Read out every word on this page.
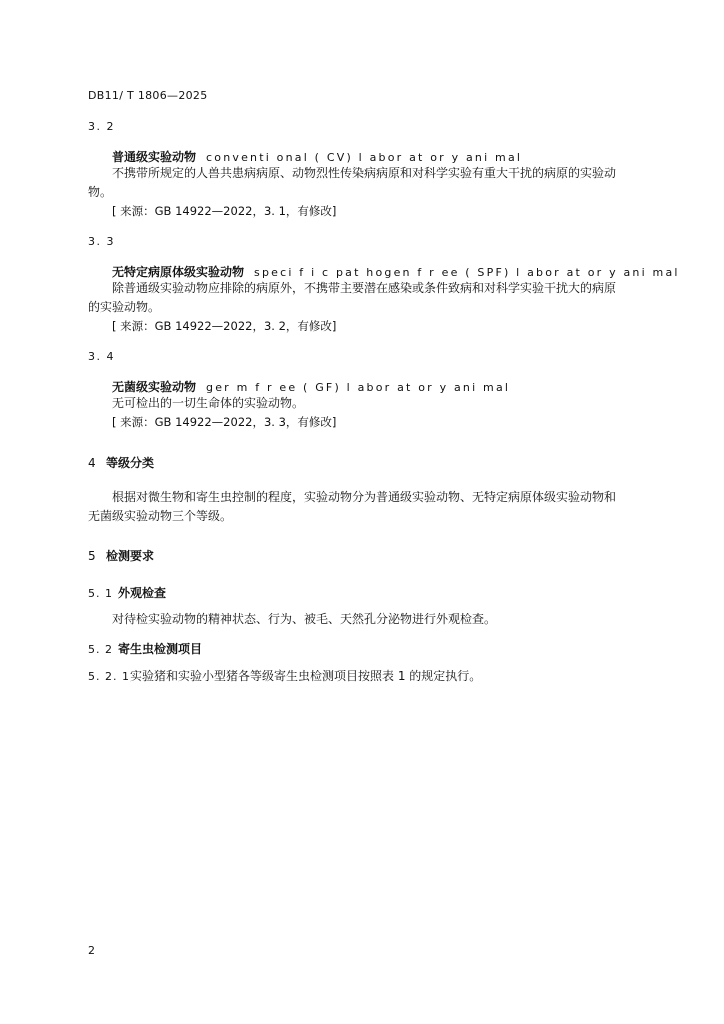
DB11/ T 1806—2025
3. 2
普通级实验动物 conventi onal ( CV) l abor at or y ani mal
不携带所规定的人兽共患病病原、动物烈性传染病病原和对科学实验有重大干扰的病原的实验动
物。
[ 来源：GB 14922—2022，3. 1，有修改]
3. 3
无特定病原体级实验动物 speci f i c pat hogen f r ee ( SPF) l abor at or y ani mal
除普通级实验动物应排除的病原外，不携带主要潜在感染或条件致病和对科学实验干扰大的病原
的实验动物。
[ 来源：GB 14922—2022，3. 2，有修改]
3. 4
无菌级实验动物 ger m f r ee ( GF) l abor at or y ani mal
无可检出的一切生命体的实验动物。
[ 来源：GB 14922—2022，3. 3，有修改]
4 等级分类
根据对微生物和寄生虫控制的程度，实验动物分为普通级实验动物、无特定病原体级实验动物和
无菌级实验动物三个等级。
5 检测要求
5. 1 外观检查
对待检实验动物的精神状态、行为、被毛、天然孔分泌物进行外观检查。
5. 2 寄生虫检测项目
5. 2. 1实验猪和实验小型猪各等级寄生虫检测项目按照表 1 的规定执行。
2
